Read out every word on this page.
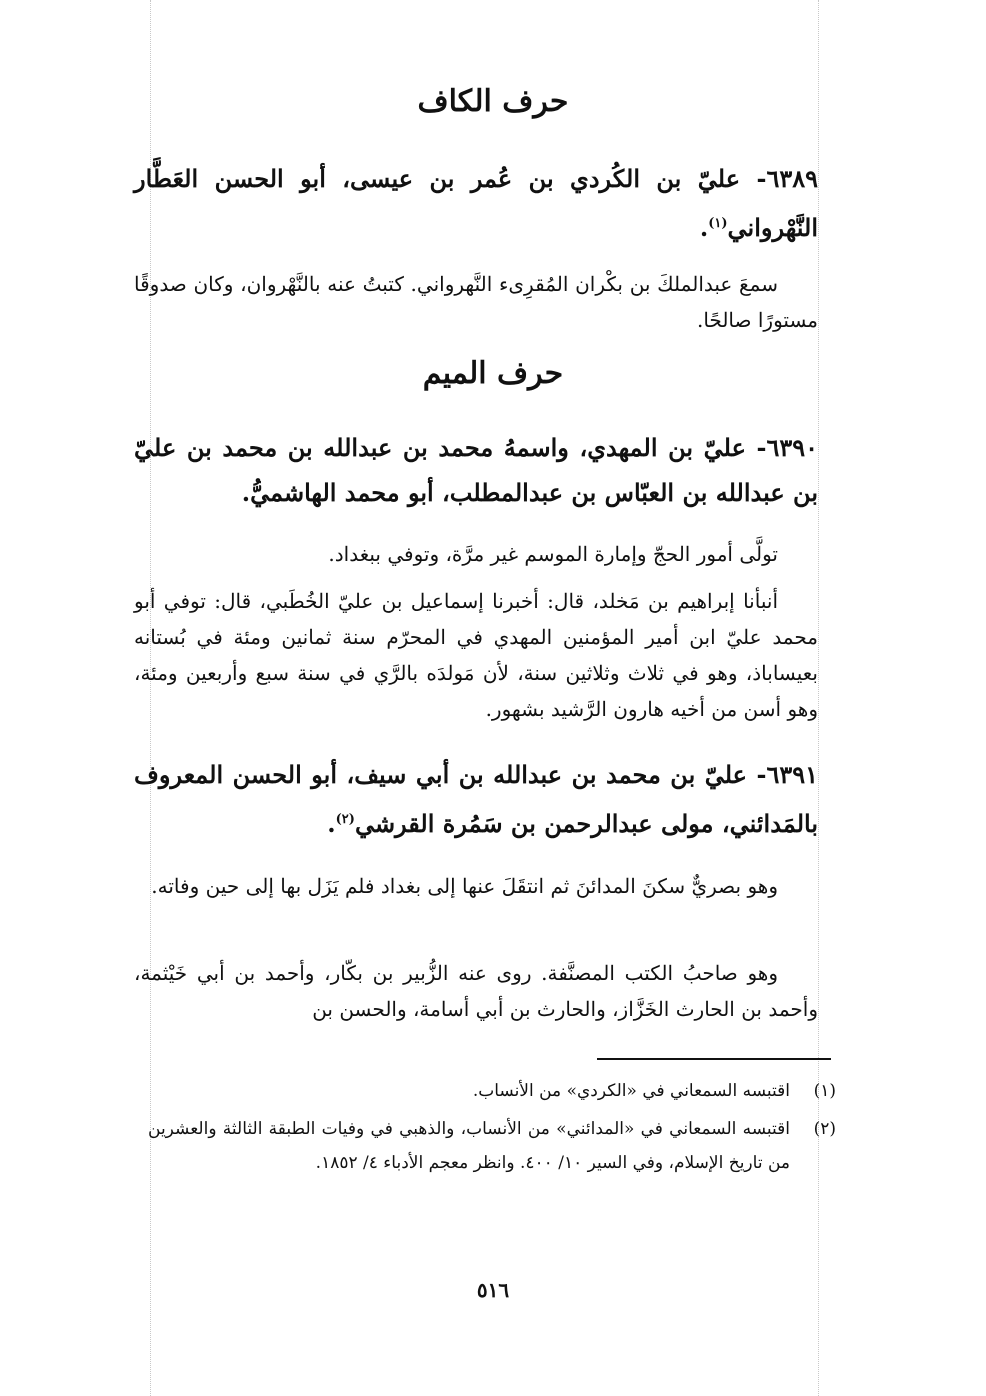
حرف الكاف

٦٣٨٩- عليّ بن الكُردي بن عُمر بن عيسى، أبو الحسن العَطَّار النَّهْرواني$^{(١)}$.

سمعَ عبدالملكَ بن بكْران المُقرِىء النَّهرواني. كتبتُ عنه بالنَّهْروان، وكان صدوقًا مستورًا صالحًا.

حرف الميم

٦٣٩٠- عليّ بن المهدي، واسمهُ محمد بن عبدالله بن محمد بن عليّ بن عبدالله بن العبّاس بن عبدالمطلب، أبو محمد الهاشميُّ.

تولَّى أمور الحجّ وإمارة الموسم غير مرَّة، وتوفي ببغداد.

أنبأنا إبراهيم بن مَخلد، قال: أخبرنا إسماعيل بن عليّ الخُطَبي، قال: توفي أبو محمد عليّ ابن أمير المؤمنين المهدي في المحرّم سنة ثمانين ومئة في بُستانه بعيساباذ، وهو في ثلاث وثلاثين سنة، لأن مَولدَه بالرَّي في سنة سبع وأربعين ومئة، وهو أسن من أخيه هارون الرَّشيد بشهور.

٦٣٩١- عليّ بن محمد بن عبدالله بن أبي سيف، أبو الحسن المعروف بالمَدائني، مولى عبدالرحمن بن سَمُرة القرشي$^{(٢)}$.

وهو بصريٌّ سكنَ المدائنَ ثم انتقَلَ عنها إلى بغداد فلم يَزَل بها إلى حين وفاته.

وهو صاحبُ الكتب المصنَّفة. روى عنه الزُّبير بن بكّار، وأحمد بن أبي خَيْثمة، وأحمد بن الحارث الخَزَّاز، والحارث بن أبي أسامة، والحسن بن

(١)
اقتبسه السمعاني في «الكردي» من الأنساب.
(٢)
اقتبسه السمعاني في «المدائني» من الأنساب، والذهبي في وفيات الطبقة الثالثة والعشرين من تاريخ الإسلام، وفي السير ١٠/ ٤٠٠. وانظر معجم الأدباء ٤/ ١٨٥٢.
٥١٦
